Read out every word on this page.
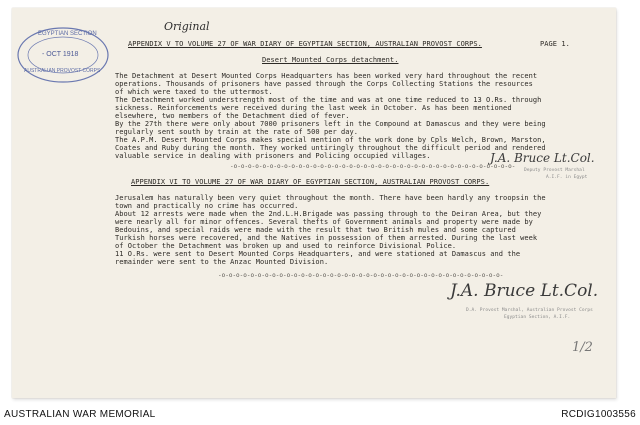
Original
EGYPTIAN SECTION
- OCT 1918
AUSTRALIAN PROVOST CORPS
APPENDIX V TO VOLUME 27 OF WAR DIARY OF EGYPTIAN SECTION, AUSTRALIAN PROVOST CORPS.	PAGE 1.
Desert Mounted Corps detachment.
The Detachment at Desert Mounted Corps Headquarters has been worked very hard throughout the recent
operations. Thousands of prisoners have passed through the Corps Collecting Stations the resources
of which were taxed to the uttermost.
The Detachment worked understrength most of the time and was at one time reduced to 13 O.Rs. through
sickness. Reinforcements were received during the last week in October. As has been mentioned
elsewhere, two members of the Detachment died of fever.
By the 27th there were only about 7000 prisoners left in the Compound at Damascus and they were being
regularly sent south by train at the rate of 500 per day.
The A.P.M. Desert Mounted Corps makes special mention of the work done by Cpls Welch, Brown, Marston,
Coates and Ruby during the month. They worked untiringly throughout the difficult period and rendered
valuable service in dealing with prisoners and Policing occupied villages.	J.A. Bruce Lt.Col.
Deputy Provost Marshal
A.I.F. in Egypt
-o-o-o-o-o-o-o-o-o-o-o-o-o-o-o-o-o-o-o-o-o-o-o-o-o-o-o-o-o-o-o-o-o-o-o-o-o-o-o-
APPENDIX VI TO VOLUME 27 OF WAR DIARY OF EGYPTIAN SECTION, AUSTRALIAN PROVOST CORPS.
Jerusalem has naturally been very quiet throughout the month. There have been hardly any troopsin the
town and practically no crime has occurred.
About 12 arrests were made when the 2nd.L.H.Brigade was passing through to the Deiran Area, but they
were nearly all for minor offences. Several thefts of Government animals and property were made by
Bedouins, and special raids were made with the result that two British mules and some captured
Turkish horses were recovered, and the Natives in possession of them arrested. During the last week
of October the Detachment was broken up and used to reinforce Divisional Police.
11 O.Rs. were sent to Desert Mounted Corps Headquarters, and were stationed at Damascus and the
remainder were sent to the Anzac Mounted Division.
-o-o-o-o-o-o-o-o-o-o-o-o-o-o-o-o-o-o-o-o-o-o-o-o-o-o-o-o-o-o-o-o-o-o-o-o-o-o-o-
J.A. Bruce Lt.Col.
D.A. Provost Marshal, Australian Provost Corps
Egyptian Section, A.I.F.
1/2
AUSTRALIAN WAR MEMORIAL	RCDIG1003556
